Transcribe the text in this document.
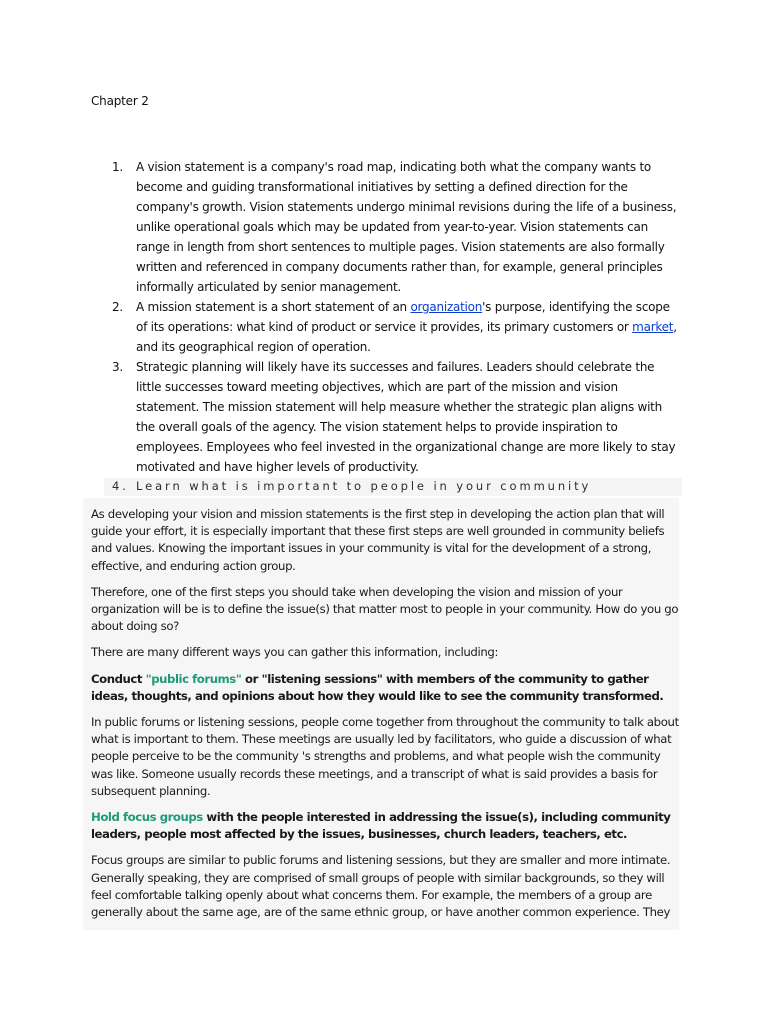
Chapter 2
1. A vision statement is a company's road map, indicating both what the company wants to become and guiding transformational initiatives by setting a defined direction for the company's growth. Vision statements undergo minimal revisions during the life of a business, unlike operational goals which may be updated from year-to-year. Vision statements can range in length from short sentences to multiple pages. Vision statements are also formally written and referenced in company documents rather than, for example, general principles informally articulated by senior management.
2. A mission statement is a short statement of an organization's purpose, identifying the scope of its operations: what kind of product or service it provides, its primary customers or market, and its geographical region of operation.
3. Strategic planning will likely have its successes and failures. Leaders should celebrate the little successes toward meeting objectives, which are part of the mission and vision statement. The mission statement will help measure whether the strategic plan aligns with the overall goals of the agency. The vision statement helps to provide inspiration to employees. Employees who feel invested in the organizational change are more likely to stay motivated and have higher levels of productivity.
4. Learn what is important to people in your community

As developing your vision and mission statements is the first step in developing the action plan that will guide your effort, it is especially important that these first steps are well grounded in community beliefs and values. Knowing the important issues in your community is vital for the development of a strong, effective, and enduring action group.

Therefore, one of the first steps you should take when developing the vision and mission of your organization will be is to define the issue(s) that matter most to people in your community. How do you go about doing so?

There are many different ways you can gather this information, including:

Conduct "public forums" or "listening sessions" with members of the community to gather ideas, thoughts, and opinions about how they would like to see the community transformed.

In public forums or listening sessions, people come together from throughout the community to talk about what is important to them. These meetings are usually led by facilitators, who guide a discussion of what people perceive to be the community 's strengths and problems, and what people wish the community was like. Someone usually records these meetings, and a transcript of what is said provides a basis for subsequent planning.

Hold focus groups with the people interested in addressing the issue(s), including community leaders, people most affected by the issues, businesses, church leaders, teachers, etc.

Focus groups are similar to public forums and listening sessions, but they are smaller and more intimate. Generally speaking, they are comprised of small groups of people with similar backgrounds, so they will feel comfortable talking openly about what concerns them. For example, the members of a group are generally about the same age, are of the same ethnic group, or have another common experience. They
